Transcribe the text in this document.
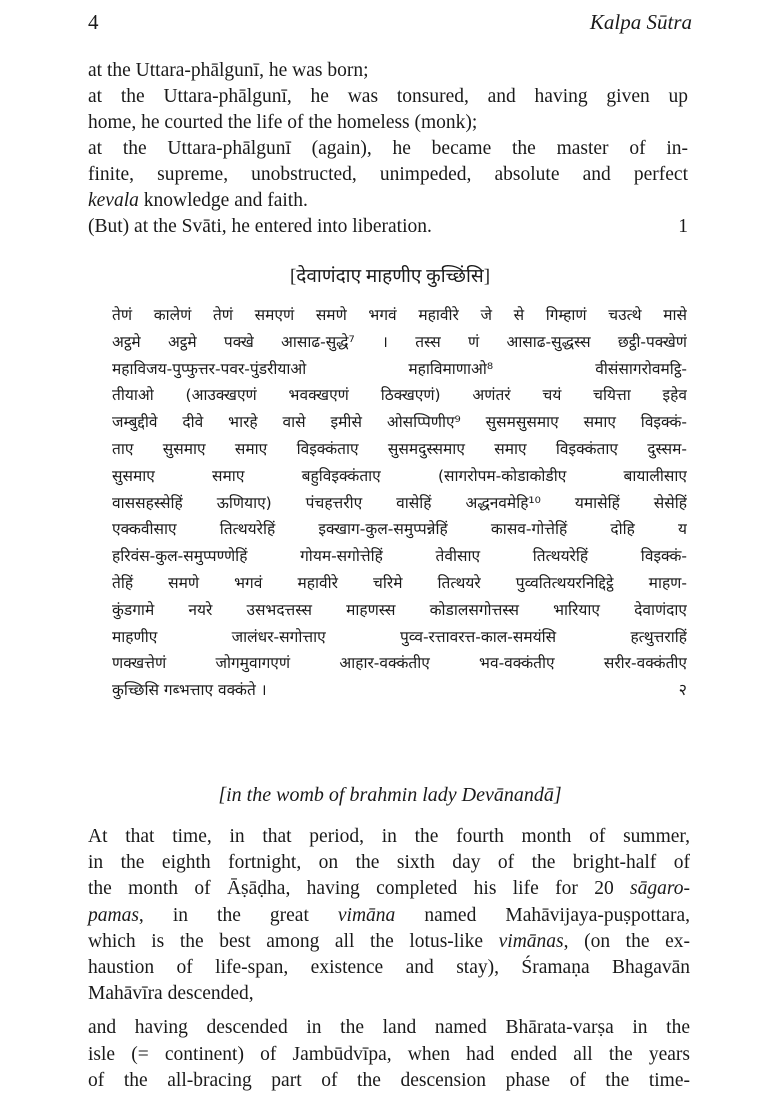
4	Kalpa Sūtra
at the Uttara-phālgunī, he was born;
at the Uttara-phālgunī, he was tonsured, and having given up
home, he courted the life of the homeless (monk);
at the Uttara-phālgunī (again), he became the master of in-
finite, supreme, unobstructed, unimpeded, absolute and perfect
kevala knowledge and faith.
(But) at the Svāti, he entered into liberation.	1
[देवाणंदाए माहणीए कुच्छिंसि]
तेणं कालेणं तेणं समएणं समणे भगवं महावीरे जे से गिम्हाणं चउत्थे मासे
अट्ठमे अट्ठमे पक्खे आसाढ-सुद्धे⁷ । तस्स णं आसाढ-सुद्धस्स छट्ठी-पक्खेणं
महाविजय-पुप्फुत्तर-पवर-पुंडरीयाओ महाविमाणाओ⁸ वीसंसागरोवमट्ठि-
तीयाओ (आउक्खएणं भवक्खएणं ठिक्खएणं) अणंतरं चयं चयित्ता इहेव
जम्बुद्दीवे दीवे भारहे वासे इमीसे ओसप्पिणीए⁹ सुसमसुसमाए समाए विइक्कं-
ताए सुसमाए समाए विइक्कंताए सुसमदुस्समाए समाए विइक्कंताए दुस्सम-
सुसमाए समाए बहुविइक्कंताए (सागरोपम-कोडाकोडीए बायालीसाए
वाससहस्सेहिं ऊणियाए) पंचहत्तरीए वासेहिं अद्धनवमेहि¹⁰ यमासेहिं सेसेहिं
एक्कवीसाए तित्थयरेहिं इक्खाग-कुल-समुप्पन्नेहिं कासव-गोत्तेहिं दोहि य
हरिवंस-कुल-समुप्पण्णेहिं गोयम-सगोत्तेहिं तेवीसाए तित्थयरेहिं विइक्कं-
तेहिं समणे भगवं महावीरे चरिमे तित्थयरे पुव्वतित्थयरनिद्दिट्ठे माहण-
कुंडगामे नयरे उसभदत्तस्स माहणस्स कोडालसगोत्तस्स भारियाए देवाणंदाए
माहणीए जालंधर-सगोत्ताए पुव्व-रत्तावरत्त-काल-समयंसि हत्थुत्तराहिं
णक्खत्तेणं जोगमुवागएणं आहार-वक्कंतीए भव-वक्कंतीए सरीर-वक्कंतीए
कुच्छिसि गब्भत्ताए वक्कंते ।	२
[in the womb of brahmin lady Devānandā]
At that time, in that period, in the fourth month of summer,
in the eighth fortnight, on the sixth day of the bright-half of
the month of Āṣāḍha, having completed his life for 20 sāgaro-
pamas, in the great vimāna named Mahāvijaya-puṣpottara,
which is the best among all the lotus-like vimānas, (on the ex-
haustion of life-span, existence and stay), Śramaṇa Bhagavān
Mahāvīra descended,
and having descended in the land named Bhārata-varṣa in the
isle (= continent) of Jambūdvīpa, when had ended all the years
of the all-bracing part of the descension phase of the time-
